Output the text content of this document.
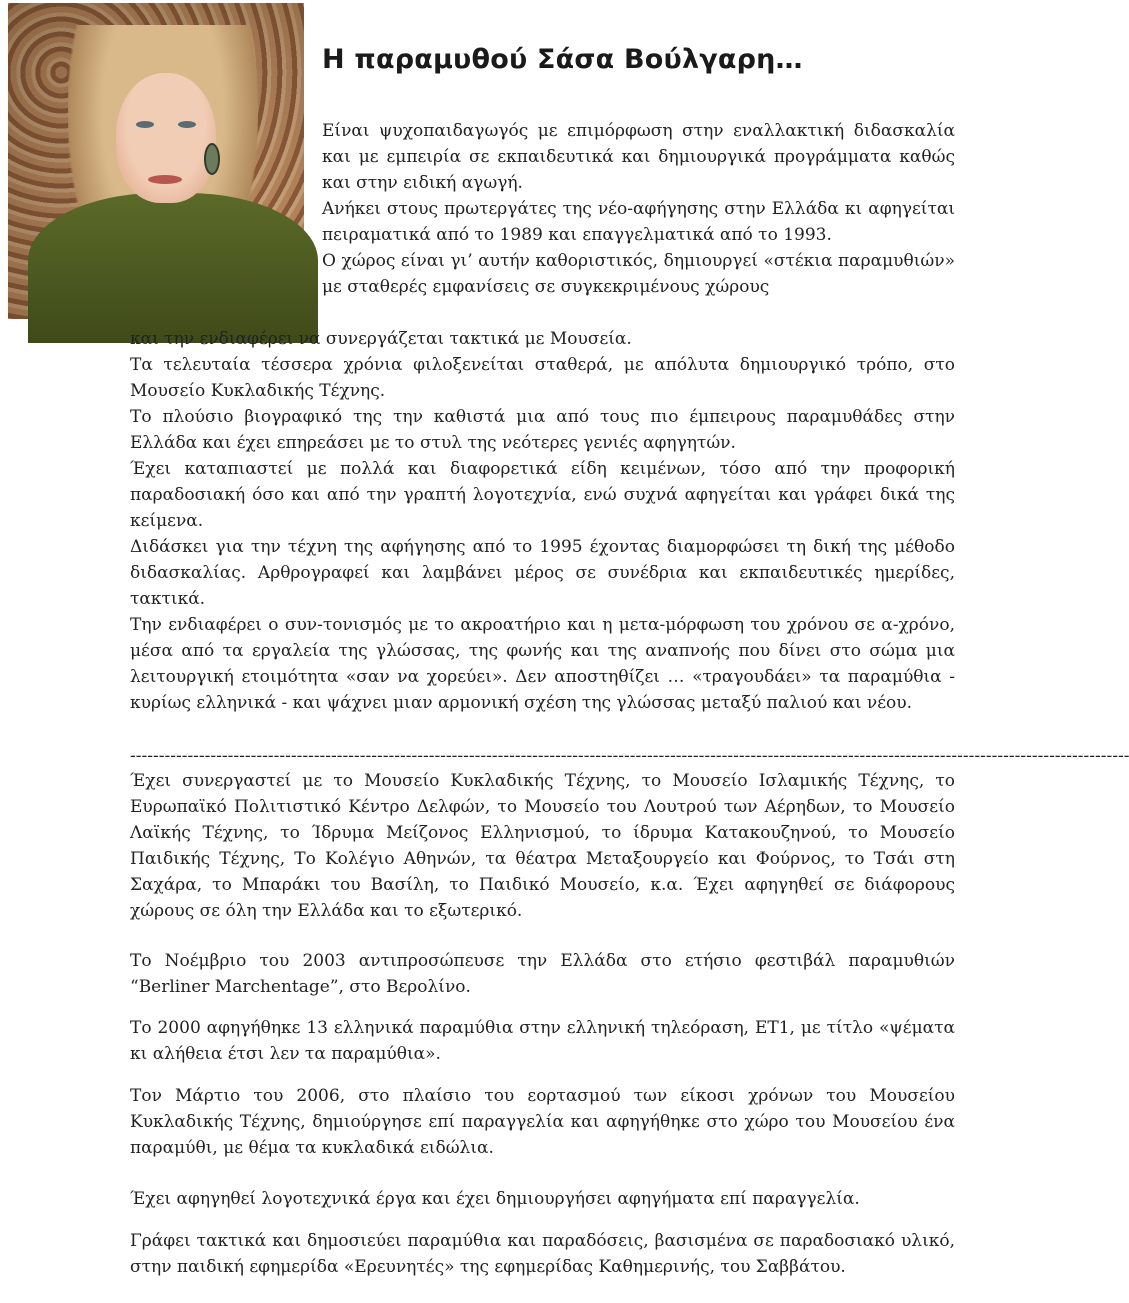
Η παραμυθού Σάσα Βούλγαρη…
Είναι ψυχοπαιδαγωγός με επιμόρφωση στην εναλλακτική διδασκαλία και με εμπειρία σε εκπαιδευτικά και δημιουργικά προγράμματα καθώς και στην ειδική αγωγή.
Ανήκει στους πρωτεργάτες της νέο-αφήγησης στην Ελλάδα κι αφηγείται πειραματικά από το 1989 και επαγγελματικά από το 1993.
Ο χώρος είναι γι’ αυτήν καθοριστικός, δημιουργεί «στέκια παραμυθιών» με σταθερές εμφανίσεις σε συγκεκριμένους χώρους
και την ενδιαφέρει να συνεργάζεται τακτικά με Μουσεία.
Τα τελευταία τέσσερα χρόνια φιλοξενείται σταθερά, με απόλυτα δημιουργικό τρόπο, στο Μουσείο Κυκλαδικής Τέχνης.
Το πλούσιο βιογραφικό της την καθιστά μια από τους πιο έμπειρους παραμυθάδες στην Ελλάδα και έχει επηρεάσει με το στυλ της νεότερες γενιές αφηγητών.
Έχει καταπιαστεί με πολλά και διαφορετικά είδη κειμένων, τόσο από την προφορική παραδοσιακή όσο και από την γραπτή λογοτεχνία, ενώ συχνά αφηγείται και γράφει δικά της κείμενα.
Διδάσκει για την τέχνη της αφήγησης από το 1995 έχοντας διαμορφώσει τη δική της μέθοδο διδασκαλίας. Αρθρογραφεί και λαμβάνει μέρος σε συνέδρια και εκπαιδευτικές ημερίδες, τακτικά.
Την ενδιαφέρει ο συν-τονισμός με το ακροατήριο και η μετα-μόρφωση του χρόνου σε α-χρόνο, μέσα από τα εργαλεία της γλώσσας, της φωνής και της αναπνοής που δίνει στο σώμα μια λειτουργική ετοιμότητα «σαν να χορεύει». Δεν αποστηθίζει … «τραγουδάει» τα παραμύθια - κυρίως ελληνικά - και ψάχνει μιαν αρμονική σχέση της γλώσσας μεταξύ παλιού και νέου.
------------------------------------------------------------------------------------------------------------------------------------------------------------------------------
Έχει συνεργαστεί με το Μουσείο Κυκλαδικής Τέχνης, το Μουσείο Ισλαμικής Τέχνης, το Ευρωπαϊκό Πολιτιστικό Κέντρο Δελφών, το Μουσείο του Λουτρού των Αέρηδων, το Μουσείο Λαϊκής Τέχνης, το Ίδρυμα Μείζονος Ελληνισμού, το ίδρυμα Κατακουζηνού, το Μουσείο Παιδικής Τέχνης, Το Κολέγιο Αθηνών, τα θέατρα Μεταξουργείο και Φούρνος, το Τσάι στη Σαχάρα, το Μπαράκι του Βασίλη, το Παιδικό Μουσείο, κ.α. Έχει αφηγηθεί σε διάφορους χώρους σε όλη την Ελλάδα και το εξωτερικό.
Το Νοέμβριο του 2003 αντιπροσώπευσε την Ελλάδα στο ετήσιο φεστιβάλ παραμυθιών “Berliner Marchentage”, στο Βερολίνο.
Το 2000 αφηγήθηκε 13 ελληνικά παραμύθια στην ελληνική τηλεόραση, ΕΤ1, με τίτλο «ψέματα κι αλήθεια έτσι λεν τα παραμύθια».
Τον Μάρτιο του 2006, στο πλαίσιο του εορτασμού των είκοσι χρόνων του Μουσείου Κυκλαδικής Τέχνης, δημιούργησε επί παραγγελία και αφηγήθηκε στο χώρο του Μουσείου ένα παραμύθι, με θέμα τα κυκλαδικά ειδώλια.
Έχει αφηγηθεί λογοτεχνικά έργα και έχει δημιουργήσει αφηγήματα επί παραγγελία.
Γράφει τακτικά και δημοσιεύει παραμύθια και παραδόσεις, βασισμένα σε παραδοσιακό υλικό, στην παιδική εφημερίδα «Ερευνητές» της εφημερίδας Καθημερινής, του Σαββάτου.
